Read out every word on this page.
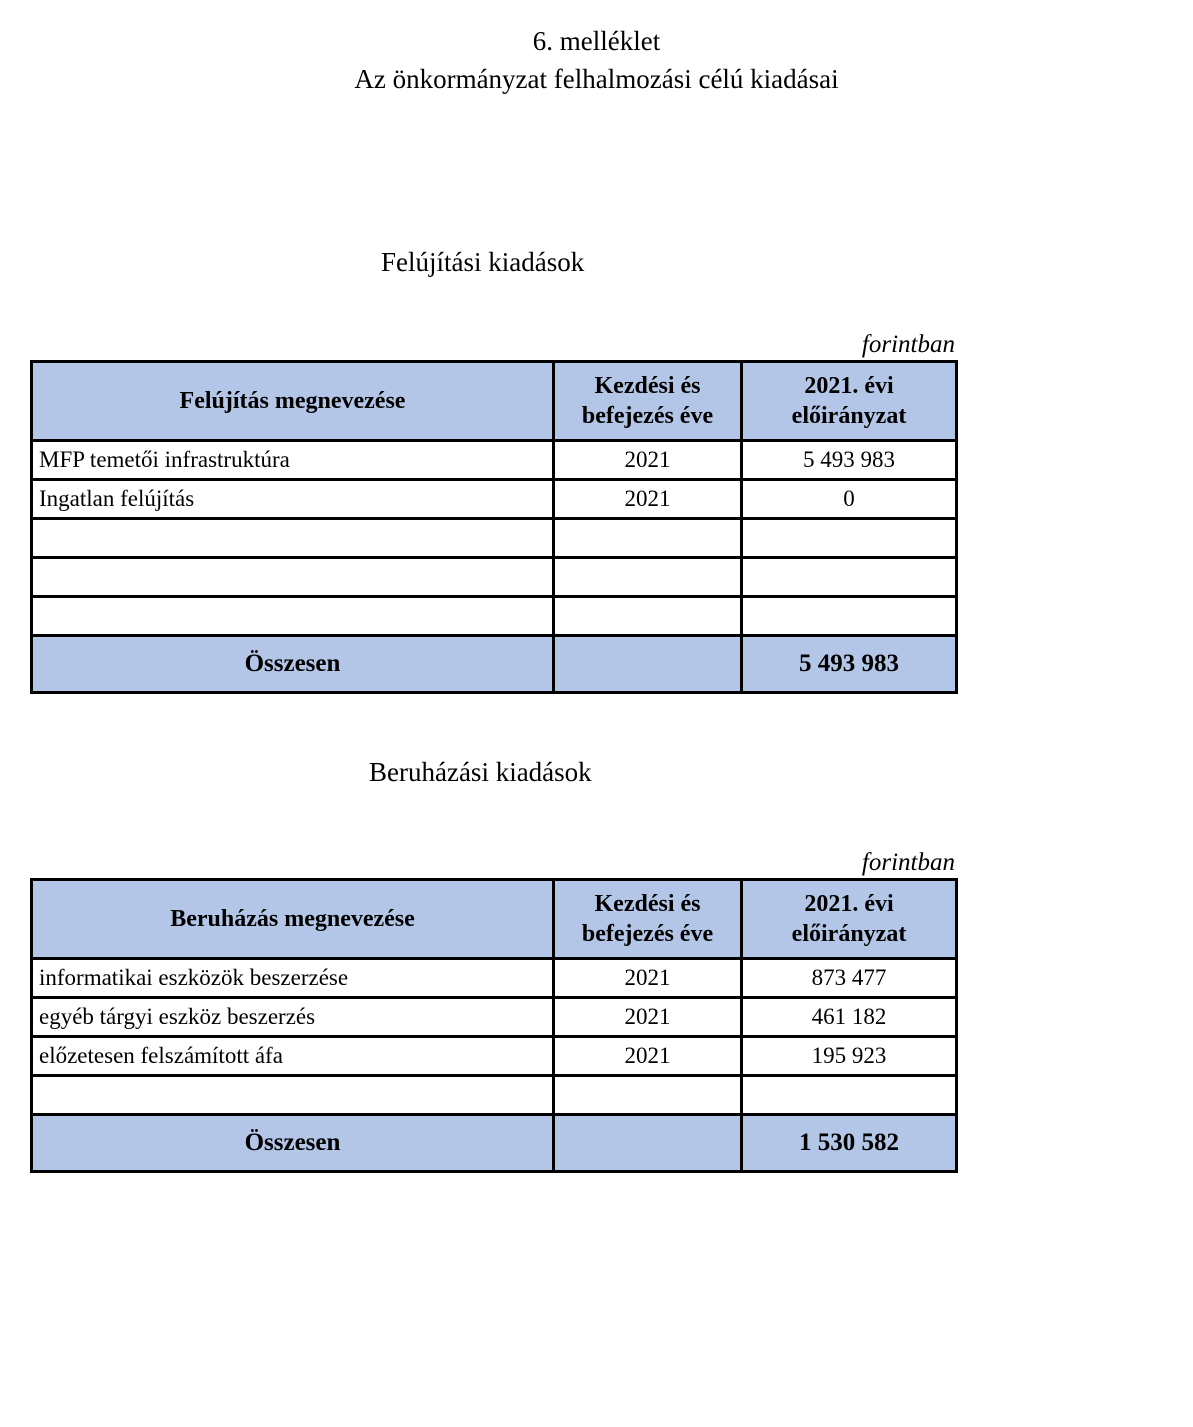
6. melléklet
Az önkormányzat felhalmozási célú kiadásai
Felújítási kiadások
forintban
Felújítás megnevezése	Kezdési és befejezés éve	2021. évi előirányzat
MFP temetői infrastruktúra	2021	5 493 983
Ingatlan felújítás	2021	0

Összesen		5 493 983
Beruházási kiadások
forintban
Beruházás megnevezése	Kezdési és befejezés éve	2021. évi előirányzat
informatikai eszközök beszerzése	2021	873 477
egyéb tárgyi eszköz beszerzés	2021	461 182
előzetesen felszámított áfa	2021	195 923

Összesen		1 530 582
